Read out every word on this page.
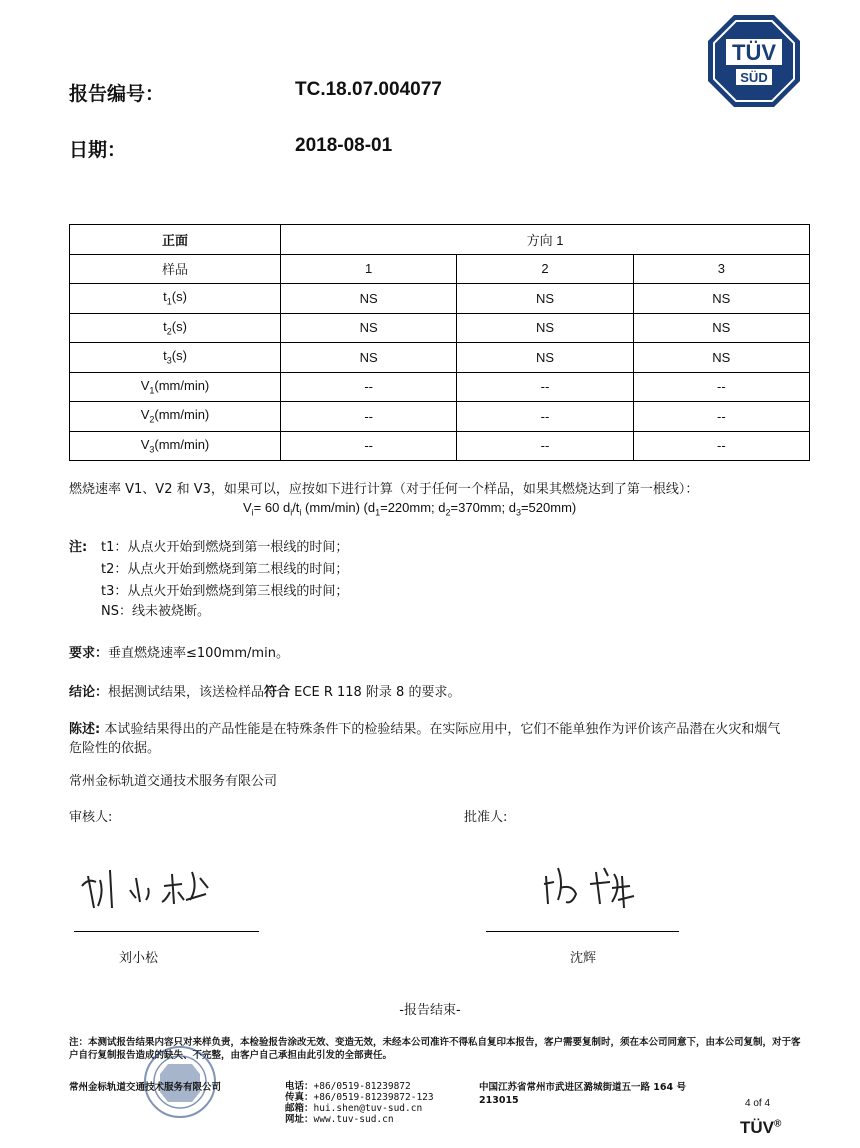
TÜV
SÜD
报告编号：	TC.18.07.004077
日期：	2018-08-01
正面	方向 1		
样品	1	2	3
$t_1(s)$	NS	NS	NS
$t_2(s)$	NS	NS	NS
$t_3(s)$	NS	NS	NS
$V_1(mm/\min)$	--	--	--
$V_2(mm/\min)$	--	--	--
$V_3(mm/\min)$	--	--	--
燃烧速率 V1、V2 和 V3，如果可以，应按如下进行计算（对于任何一个样品，如果其燃烧达到了第一根线）：
$V_i= 60$ $d_i/t_i$ (mm/min) ($d_1=220mm$; $d_2=370mm$; $d_3=520mm$)
注: t1：从点火开始到燃烧到第一根线的时间；
t2：从点火开始到燃烧到第二根线的时间；
t3：从点火开始到燃烧到第三根线的时间；
NS：线未被烧断。
要求：垂直燃烧速率≤100mm/min。
结论：根据测试结果，该送检样品符合 ECE R 118 附录 8 的要求。
陈述: 本试验结果得出的产品性能是在特殊条件下的检验结果。在实际应用中，它们不能单独作为评价该产品潜在火灾和烟气危险性的依据。
常州金标轨道交通技术服务有限公司
审核人:	批准人:
刘小松	沈辉
-报告结束-
注：本测试报告结果内容只对来样负责，本检验报告涂改无效、变造无效，未经本公司准许不得私自复印本报告，客户需要复制时，须在本公司同意下，由本公司复制，对于客户自行复制报告造成的缺失、不完整，由客户自己承担由此引发的全部责任。
常州金标轨道交通技术服务有限公司	电话：+86/0519-81239872
传真：+86/0519-81239872-123
邮箱：hui.shen@tuv-sud.cn
网址：www.tuv-sud.cn
中国江苏省常州市武进区潞城街道五一路 164 号
213015	4 of 4
TÜV®
